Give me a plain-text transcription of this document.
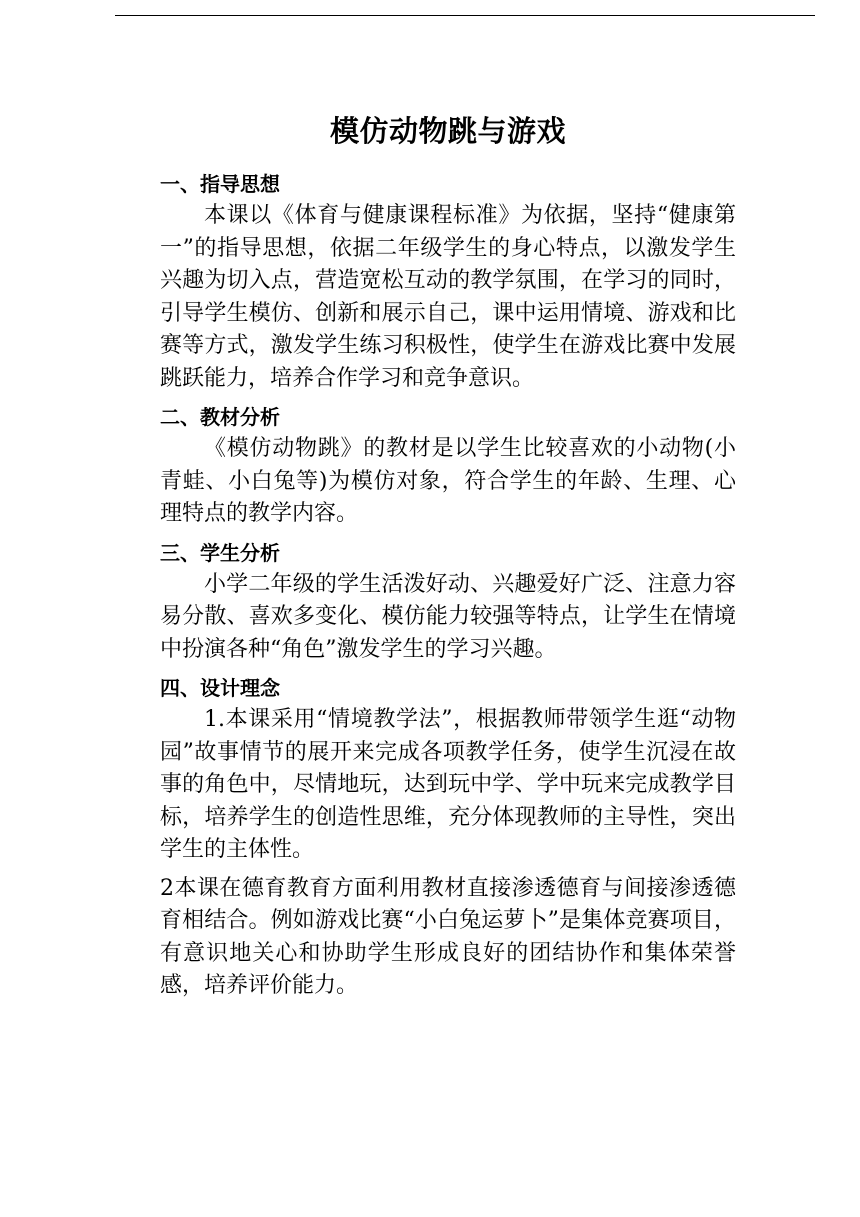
模仿动物跳与游戏
一、指导思想

本课以《体育与健康课程标准》为依据，坚持“健康第一”的指导思想，依据二年级学生的身心特点，以激发学生兴趣为切入点，营造宽松互动的教学氛围，在学习的同时，引导学生模仿、创新和展示自己，课中运用情境、游戏和比赛等方式，激发学生练习积极性，使学生在游戏比赛中发展跳跃能力，培养合作学习和竞争意识。

二、教材分析

《模仿动物跳》的教材是以学生比较喜欢的小动物(小青蛙、小白兔等)为模仿对象，符合学生的年龄、生理、心理特点的教学内容。

三、学生分析

小学二年级的学生活泼好动、兴趣爱好广泛、注意力容易分散、喜欢多变化、模仿能力较强等特点，让学生在情境中扮演各种“角色”激发学生的学习兴趣。

四、设计理念

1.本课采用“情境教学法”，根据教师带领学生逛“动物园”故事情节的展开来完成各项教学任务，使学生沉浸在故事的角色中，尽情地玩，达到玩中学、学中玩来完成教学目标，培养学生的创造性思维，充分体现教师的主导性，突出学生的主体性。

2本课在德育教育方面利用教材直接渗透德育与间接渗透德育相结合。例如游戏比赛“小白兔运萝卜”是集体竞赛项目，有意识地关心和协助学生形成良好的团结协作和集体荣誉感，培养评价能力。
